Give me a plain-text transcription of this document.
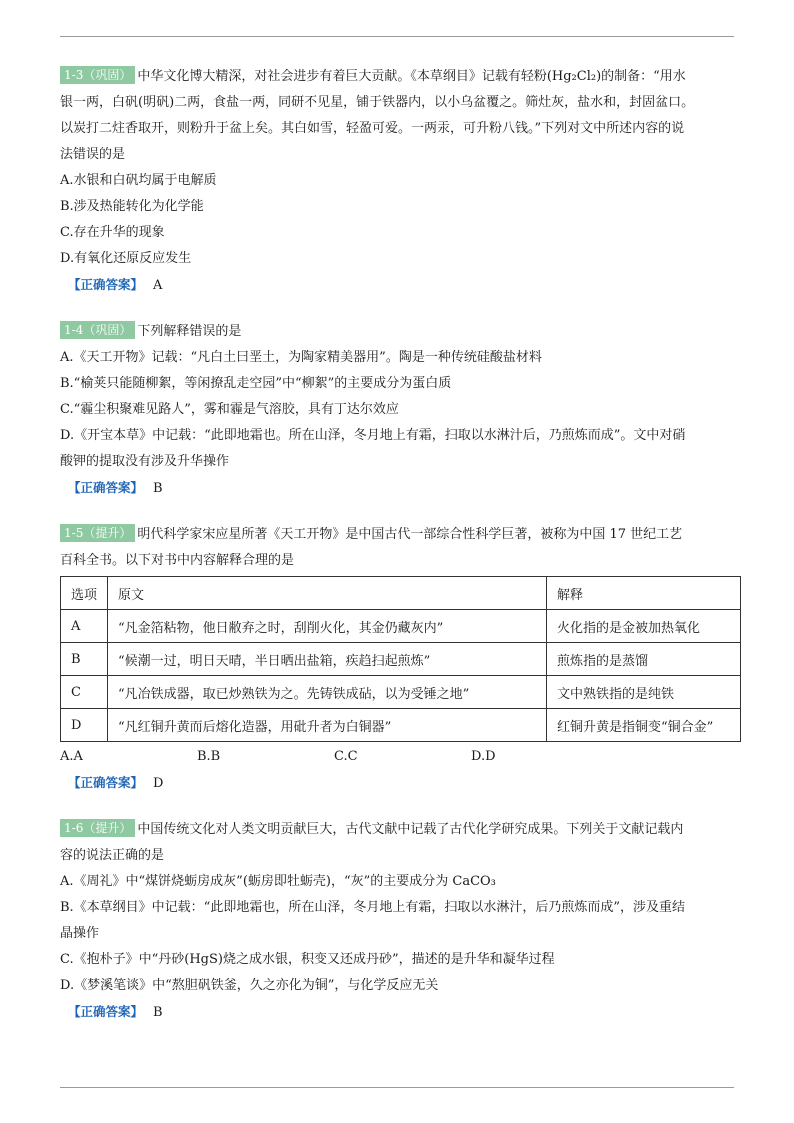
1-3（巩固） 中华文化博大精深，对社会进步有着巨大贡献。《本草纲目》记载有轻粉(Hg₂Cl₂)的制备：“用水
银一两，白矾(明矾)二两，食盐一两，同研不见星，铺于铁器内，以小乌盆覆之。筛灶灰，盐水和，封固盆口。
以炭打二炷香取开，则粉升于盆上矣。其白如雪，轻盈可爱。一两汞，可升粉八钱。”下列对文中所述内容的说
法错误的是
A.水银和白矾均属于电解质
B.涉及热能转化为化学能
C.存在升华的现象
D.有氧化还原反应发生
【正确答案】 A
1-4（巩固） 下列解释错误的是
A.《天工开物》记载：“凡白土曰垩土，为陶家精美器用”。陶是一种传统硅酸盐材料
B.“榆荚只能随柳絮，等闲撩乱走空园”中“柳絮”的主要成分为蛋白质
C.“霾尘积聚难见路人”，雾和霾是气溶胶，具有丁达尔效应
D.《开宝本草》中记载：“此即地霜也。所在山泽，冬月地上有霜，扫取以水淋汁后，乃煎炼而成”。文中对硝
酸钾的提取没有涉及升华操作
【正确答案】 B
1-5（提升） 明代科学家宋应星所著《天工开物》是中国古代一部综合性科学巨著，被称为中国 17 世纪工艺
百科全书。以下对书中内容解释合理的是
选项	原文	解释
A	“凡金箔粘物，他日敝弃之时，刮削火化，其金仍藏灰内”	火化指的是金被加热氧化
B	“候潮一过，明日天晴，半日晒出盐箱，疾趋扫起煎炼”	煎炼指的是蒸馏
C	“凡冶铁成器，取已炒熟铁为之。先铸铁成砧，以为受锤之地”	文中熟铁指的是纯铁
D	“凡红铜升黄而后熔化造器，用砒升者为白铜器”	红铜升黄是指铜变“铜合金”
A.A	B.B	C.C	D.D
【正确答案】 D
1-6（提升） 中国传统文化对人类文明贡献巨大，古代文献中记载了古代化学研究成果。下列关于文献记载内
容的说法正确的是
A.《周礼》中“煤饼烧蛎房成灰”(蛎房即牡蛎壳)，“灰”的主要成分为 CaCO₃
B.《本草纲目》中记载：“此即地霜也，所在山泽，冬月地上有霜，扫取以水淋汁，后乃煎炼而成”，涉及重结
晶操作
C.《抱朴子》中“丹砂(HgS)烧之成水银，积变又还成丹砂”，描述的是升华和凝华过程
D.《梦溪笔谈》中“熬胆矾铁釜，久之亦化为铜”，与化学反应无关
【正确答案】 B
